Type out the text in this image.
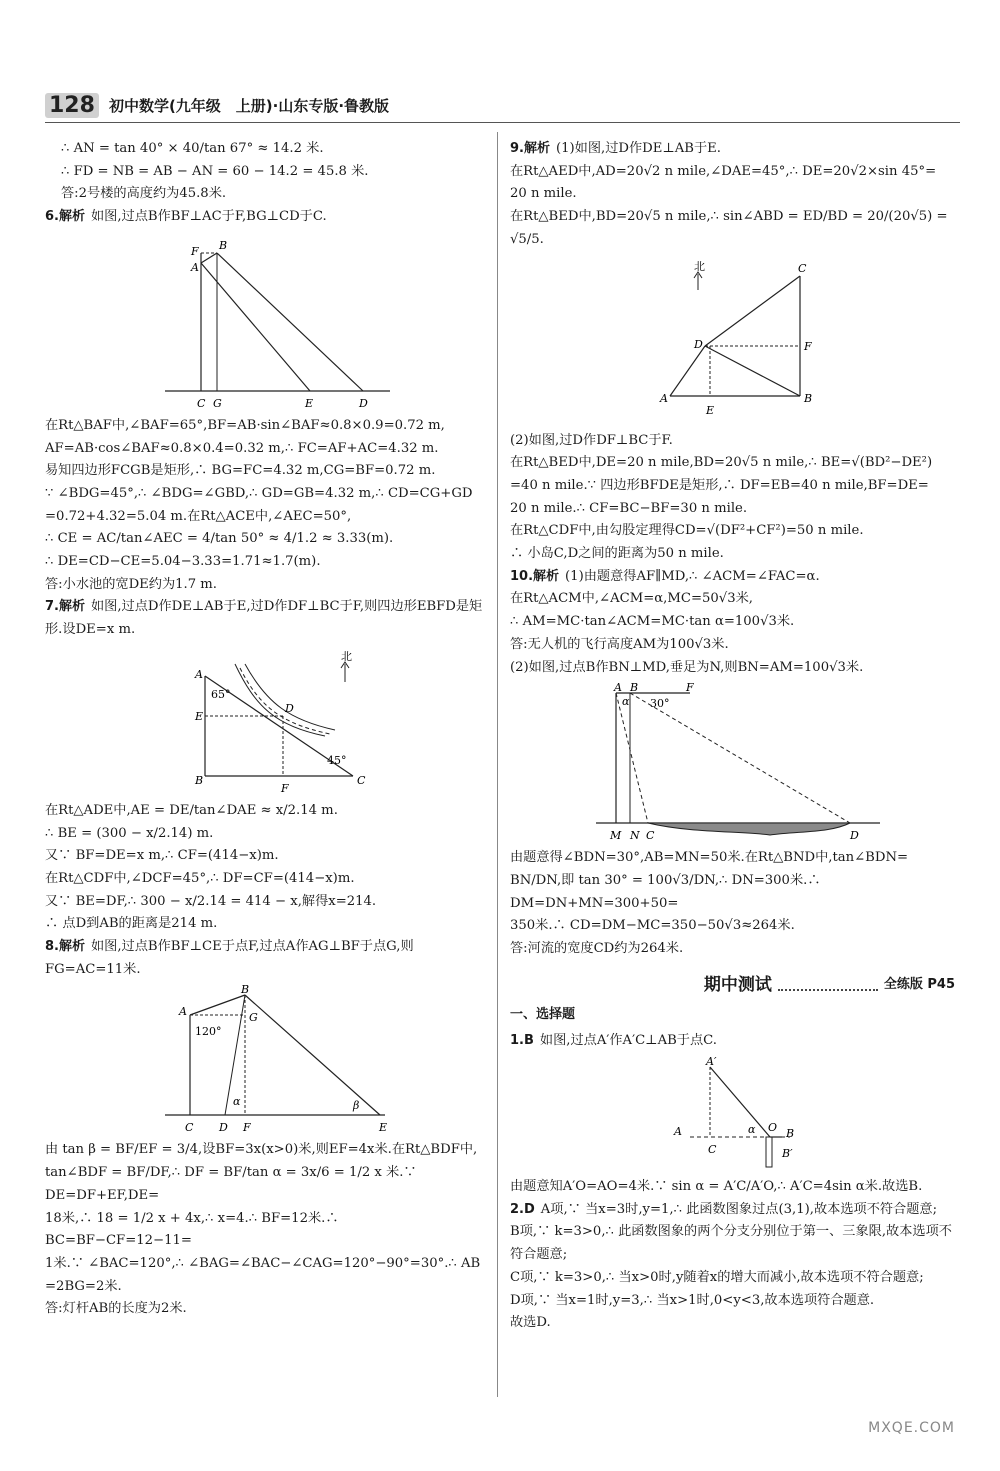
128 初中数学(九年级　上册)·山东专版·鲁教版

∴ AN = tan 40° × 40/tan 67° ≈ 14.2 米.

∴ FD = NB = AB − AN = 60 − 14.2 = 45.8 米.

答:2号楼的高度约为45.8米.

6.解析 如图,过点B作BF⊥AC于F,BG⊥CD于C.

F
A
B
C G	E	D

在Rt△BAF中,∠BAF=65°,BF=AB·sin∠BAF≈0.8×0.9=0.72 m,

AF=AB·cos∠BAF≈0.8×0.4=0.32 m,∴ FC=AF+AC=4.32 m.

易知四边形FCGB是矩形,∴ BG=FC=4.32 m,CG=BF=0.72 m.

∵ ∠BDG=45°,∴ ∠BDG=∠GBD,∴ GD=GB=4.32 m,∴ CD=CG+GD

=0.72+4.32=5.04 m.在Rt△ACE中,∠AEC=50°,

∴ CE = AC/tan∠AEC = 4/tan 50° ≈ 4/1.2 ≈ 3.33(m).

∴ DE=CD−CE=5.04−3.33=1.71≈1.7(m).

答:小水池的宽DE约为1.7 m.

7.解析 如图,过点D作DE⊥AB于E,过D作DF⊥BC于F,则四边形EBFD是矩形.设DE=x m.

北
A
E
B
D
F
C
65°
45°

在Rt△ADE中,AE = DE/tan∠DAE ≈ x/2.14 m.

∴ BE = (300 − x/2.14) m.

又∵ BF=DE=x m,∴ CF=(414−x)m.

在Rt△CDF中,∠DCF=45°,∴ DF=CF=(414−x)m.

又∵ BE=DF,∴ 300 − x/2.14 = 414 − x,解得x=214.

∴ 点D到AB的距离是214 m.

8.解析 如图,过点B作BF⊥CE于点F,过点A作AG⊥BF于点G,则FG=AC=11米.

A
B
G
120°
C D F	E
α	β

由 tan β = BF/EF = 3/4,设BF=3x(x>0)米,则EF=4x米.在Rt△BDF中,

tan∠BDF = BF/DF,∴ DF = BF/tan α = 3x/6 = 1/2 x 米.∵ DE=DF+EF,DE=

18米,∴ 18 = 1/2 x + 4x,∴ x=4.∴ BF=12米.∴ BC=BF−CF=12−11=

1米.∵ ∠BAC=120°,∴ ∠BAG=∠BAC−∠CAG=120°−90°=30°.∴ AB

=2BG=2米.

答:灯杆AB的长度为2米.

9.解析 (1)如图,过D作DE⊥AB于E.

在Rt△AED中,AD=20√2 n mile,∠DAE=45°,∴ DE=20√2×sin 45°=

20 n mile.

在Rt△BED中,BD=20√5 n mile,∴ sin∠ABD = ED/BD = 20/(20√5) = √5/5.

北
A
E
B
D	F
C

(2)如图,过D作DF⊥BC于F.

在Rt△BED中,DE=20 n mile,BD=20√5 n mile,∴ BE=√(BD²−DE²)

=40 n mile.∵ 四边形BFDE是矩形,∴ DF=EB=40 n mile,BF=DE=

20 n mile.∴ CF=BC−BF=30 n mile.

在Rt△CDF中,由勾股定理得CD=√(DF²+CF²)=50 n mile.

∴ 小岛C,D之间的距离为50 n mile.

10.解析 (1)由题意得AF∥MD,∴ ∠ACM=∠FAC=α.

在Rt△ACM中,∠ACM=α,MC=50√3米,

∴ AM=MC·tan∠ACM=MC·tan α=100√3米.

答:无人机的飞行高度AM为100√3米.

(2)如图,过点B作BN⊥MD,垂足为N,则BN=AM=100√3米.

A B	F
α 30°
M N C	D

由题意得∠BDN=30°,AB=MN=50米.在Rt△BND中,tan∠BDN=

BN/DN,即 tan 30° = 100√3/DN,∴ DN=300米.∴ DM=DN+MN=300+50=

350米.∴ CD=DM−MC=350−50√3≈264米.

答:河流的宽度CD约为264米.

期中测试	全练版 P45

一、选择题

1.B 如图,过点A′作A′C⊥AB于点C.

A′
A
C
α O B
B′

由题意知A′O=AO=4米.∵ sin α = A′C/A′O,∴ A′C=4sin α米.故选B.

2.D A项,∵ 当x=3时,y=1,∴ 此函数图象过点(3,1),故本选项不符合题意;

B项,∵ k=3>0,∴ 此函数图象的两个分支分别位于第一、三象限,故本选项不符合题意;

C项,∵ k=3>0,∴ 当x>0时,y随着x的增大而减小,故本选项不符合题意;

D项,∵ 当x=1时,y=3,∴ 当x>1时,0<y<3,故本选项符合题意.

故选D.

MXQE.COM
